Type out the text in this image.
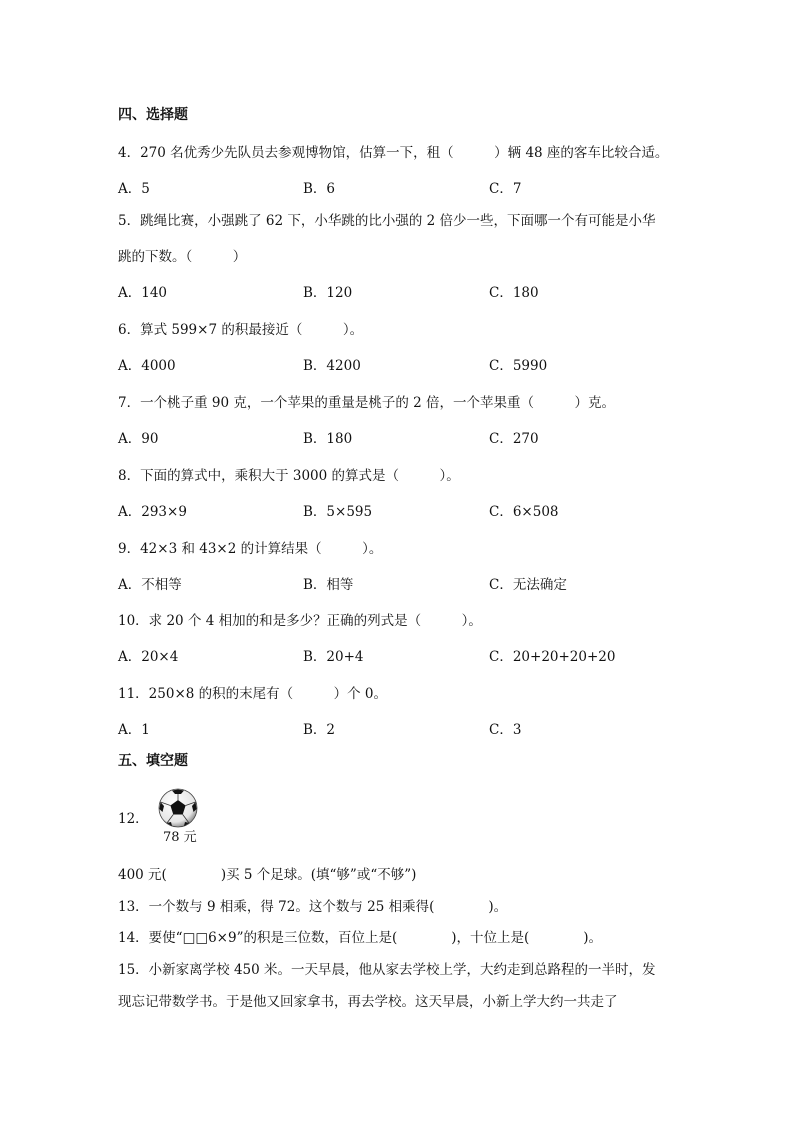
四、选择题
4．270 名优秀少先队员去参观博物馆，估算一下，租（　　　）辆 48 座的客车比较合适。
A．5	B．6	C．7
5．跳绳比赛，小强跳了 62 下，小华跳的比小强的 2 倍少一些，下面哪一个有可能是小华
跳的下数。（　　　）
A．140	B．120	C．180
6．算式 599×7 的积最接近（　　　）。
A．4000	B．4200	C．5990
7．一个桃子重 90 克，一个苹果的重量是桃子的 2 倍，一个苹果重（　　　）克。
A．90	B．180	C．270
8．下面的算式中，乘积大于 3000 的算式是（　　　）。
A．293×9	B．5×595	C．6×508
9．42×3 和 43×2 的计算结果（　　　）。
A．不相等	B．相等	C．无法确定
10．求 20 个 4 相加的和是多少？正确的列式是（　　　）。
A．20×4	B．20+4	C．20+20+20+20
11．250×8 的积的末尾有（　　　）个 0。
A．1	B．2	C．3
五、填空题
12．
78 元
400 元(　　　　)买 5 个足球。(填“够”或“不够”)
13．一个数与 9 相乘，得 72。这个数与 25 相乘得(　　　　)。
14．要使“□□6×9”的积是三位数，百位上是(　　　　)，十位上是(　　　　)。
15．小新家离学校 450 米。一天早晨，他从家去学校上学，大约走到总路程的一半时，发
现忘记带数学书。于是他又回家拿书，再去学校。这天早晨，小新上学大约一共走了
